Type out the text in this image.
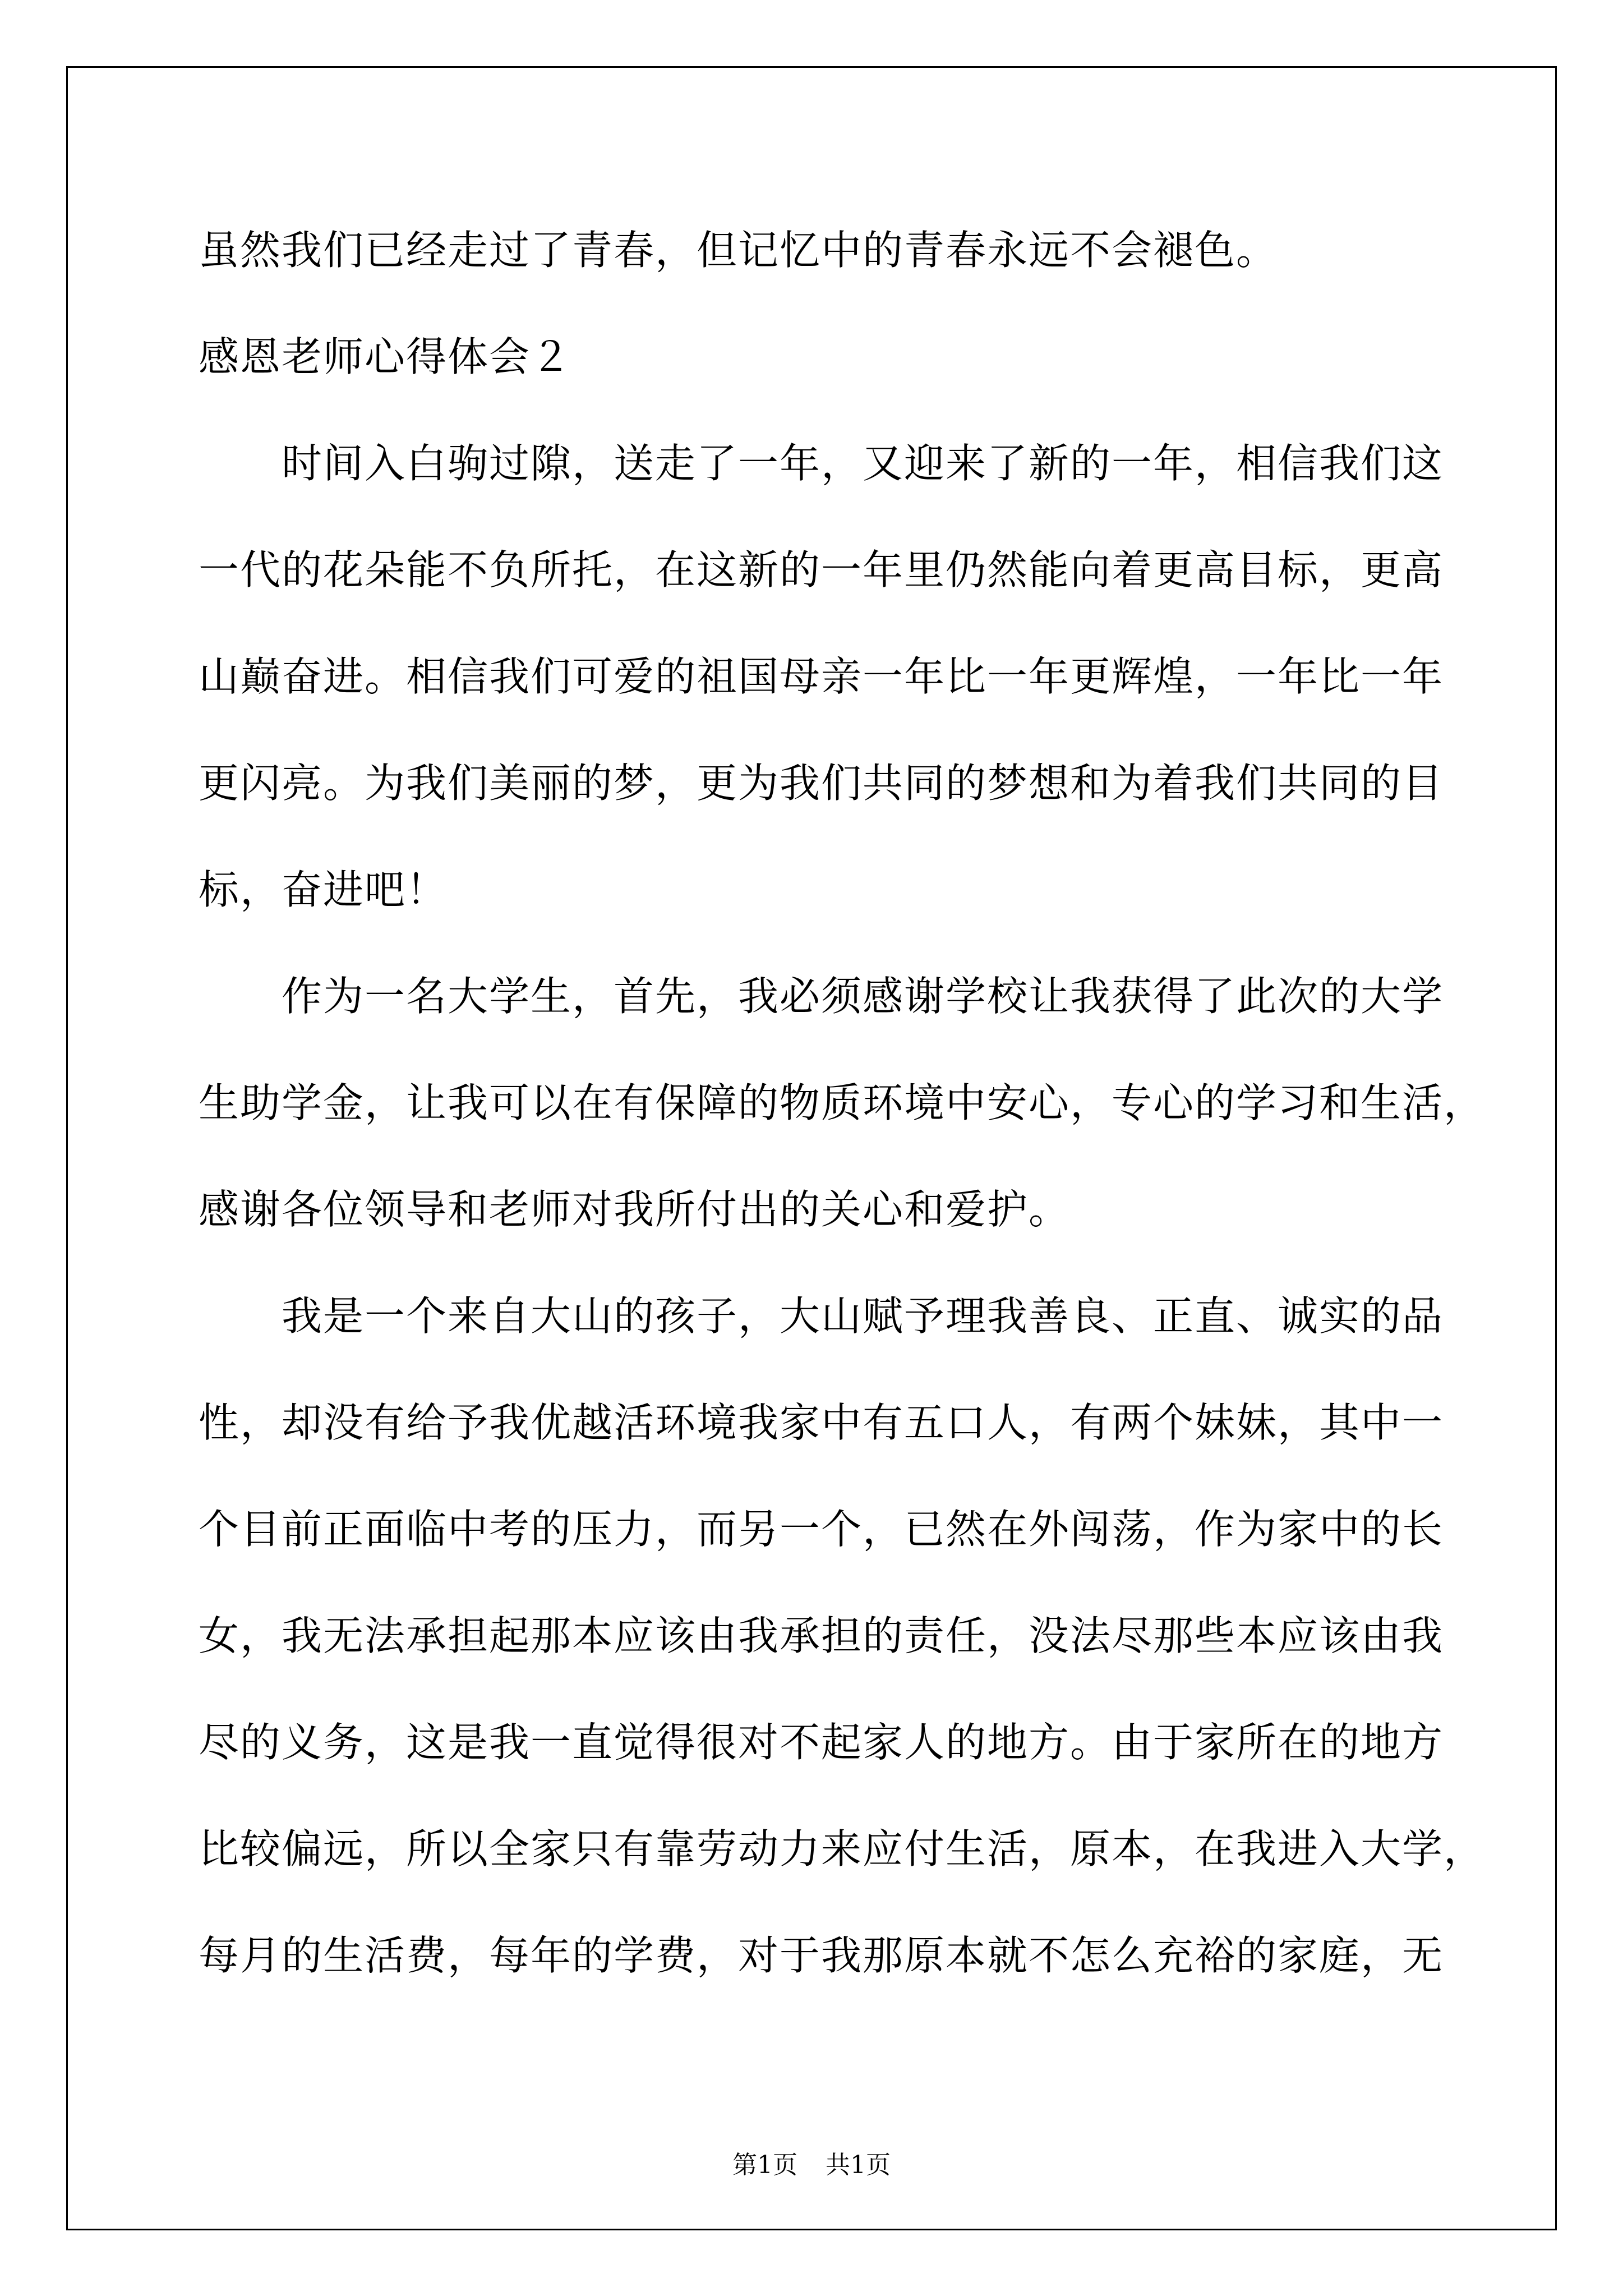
虽然我们已经走过了青春，但记忆中的青春永远不会褪色。
感恩老师心得体会２
时间入白驹过隙，送走了一年，又迎来了新的一年，相信我们这
一代的花朵能不负所托，在这新的一年里仍然能向着更高目标，更高
山巅奋进。相信我们可爱的祖国母亲一年比一年更辉煌，一年比一年
更闪亮。为我们美丽的梦，更为我们共同的梦想和为着我们共同的目
标，奋进吧！
作为一名大学生，首先，我必须感谢学校让我获得了此次的大学
生助学金，让我可以在有保障的物质环境中安心，专心的学习和生活，
感谢各位领导和老师对我所付出的关心和爱护。
我是一个来自大山的孩子，大山赋予理我善良、正直、诚实的品
性，却没有给予我优越活环境我家中有五口人，有两个妹妹，其中一
个目前正面临中考的压力，而另一个，已然在外闯荡，作为家中的长
女，我无法承担起那本应该由我承担的责任，没法尽那些本应该由我
尽的义务，这是我一直觉得很对不起家人的地方。由于家所在的地方
比较偏远，所以全家只有靠劳动力来应付生活，原本，在我进入大学，
每月的生活费，每年的学费，对于我那原本就不怎么充裕的家庭，无
第1页 共1页
